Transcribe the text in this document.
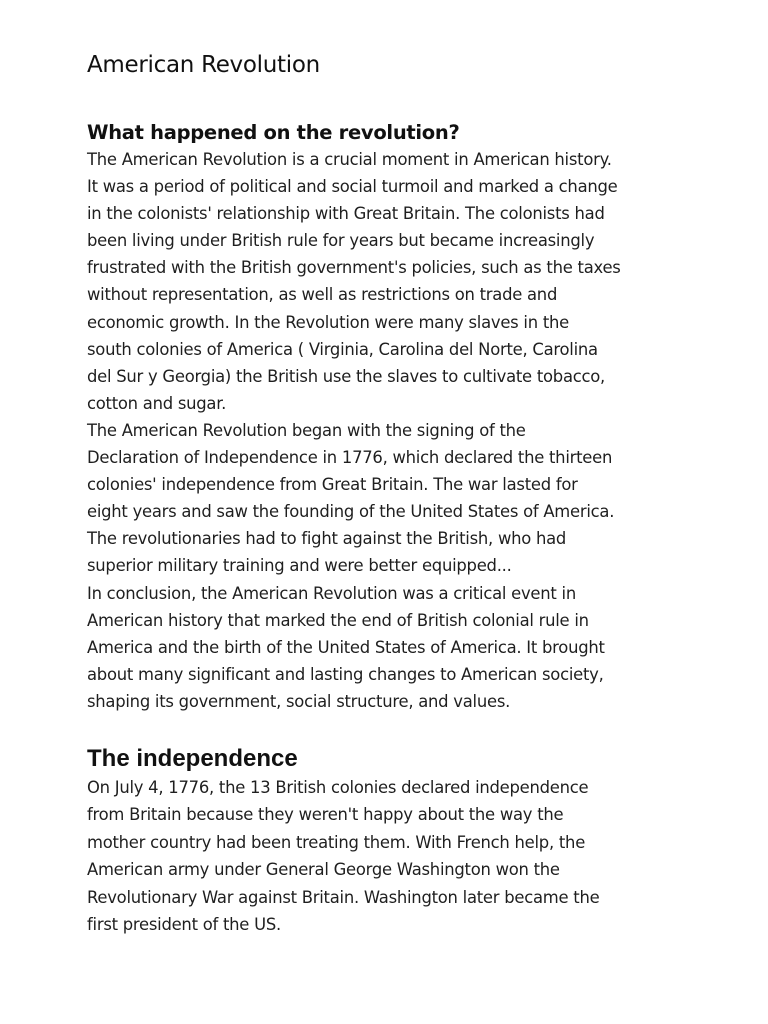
American Revolution
What happened on the revolution?
The American Revolution is a crucial moment in American history.
It was a period of political and social turmoil and marked a change
in the colonists' relationship with Great Britain. The colonists had
been living under British rule for years but became increasingly
frustrated with the British government's policies, such as the taxes
without representation, as well as restrictions on trade and
economic growth. In the Revolution were many slaves in the
south colonies of America ( Virginia, Carolina del Norte, Carolina
del Sur y Georgia) the British use the slaves to cultivate tobacco,
cotton and sugar.
The American Revolution began with the signing of the
Declaration of Independence in 1776, which declared the thirteen
colonies' independence from Great Britain. The war lasted for
eight years and saw the founding of the United States of America.
The revolutionaries had to fight against the British, who had
superior military training and were better equipped...
In conclusion, the American Revolution was a critical event in
American history that marked the end of British colonial rule in
America and the birth of the United States of America. It brought
about many significant and lasting changes to American society,
shaping its government, social structure, and values.
The independence
On July 4, 1776, the 13 British colonies declared independence
from Britain because they weren't happy about the way the
mother country had been treating them. With French help, the
American army under General George Washington won the
Revolutionary War against Britain. Washington later became the
first president of the US.
